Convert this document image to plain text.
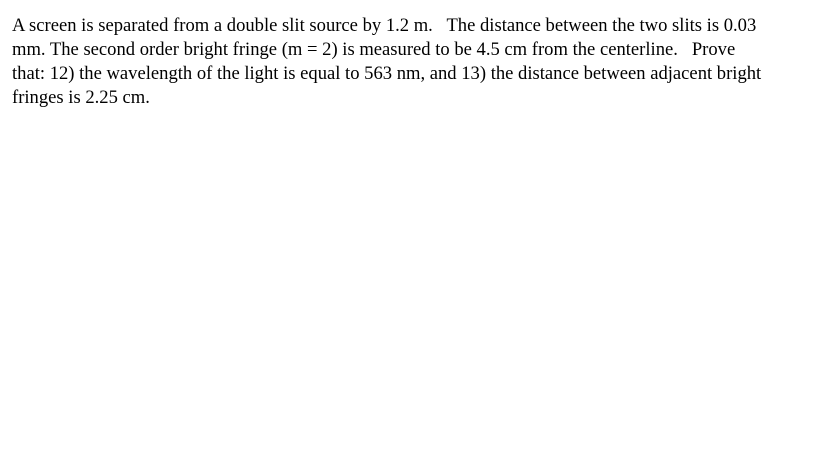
A screen is separated from a double slit source by 1.2 m.   The distance between the two slits is 0.03
mm. The second order bright fringe (m = 2) is measured to be 4.5 cm from the centerline.   Prove
that: 12) the wavelength of the light is equal to 563 nm, and 13) the distance between adjacent bright
fringes is 2.25 cm.
